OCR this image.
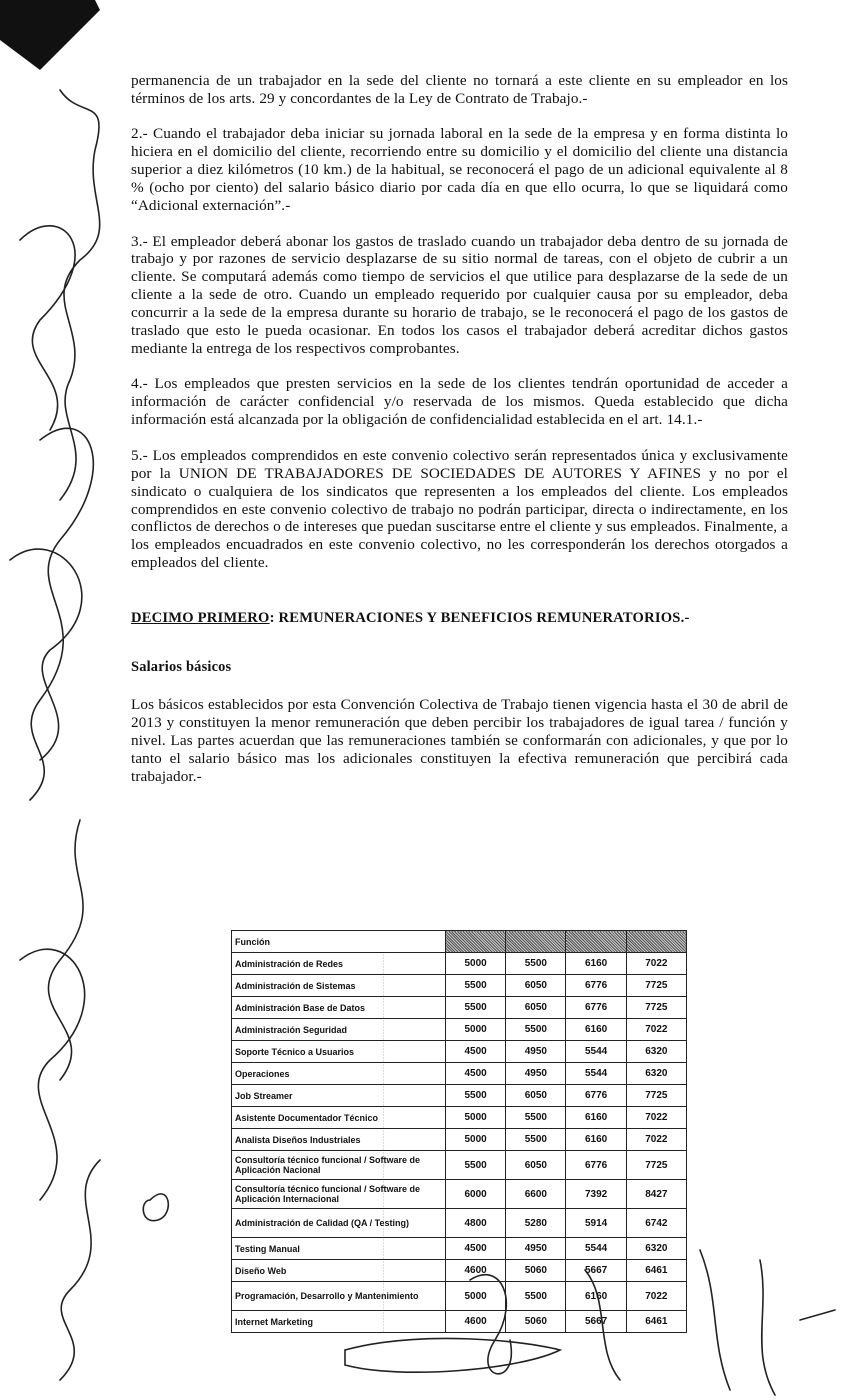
permanencia de un trabajador en la sede del cliente no tornará a este cliente en su empleador en los términos de los arts. 29 y concordantes de la Ley de Contrato de Trabajo.-

2.- Cuando el trabajador deba iniciar su jornada laboral en la sede de la empresa y en forma distinta lo hiciera en el domicilio del cliente, recorriendo entre su domicilio y el domicilio del cliente una distancia superior a diez kilómetros (10 km.) de la habitual, se reconocerá el pago de un adicional equivalente al 8 % (ocho por ciento) del salario básico diario por cada día en que ello ocurra, lo que se liquidará como “Adicional externación”.-

3.- El empleador deberá abonar los gastos de traslado cuando un trabajador deba dentro de su jornada de trabajo y por razones de servicio desplazarse de su sitio normal de tareas, con el objeto de cubrir a un cliente. Se computará además como tiempo de servicios el que utilice para desplazarse de la sede de un cliente a la sede de otro. Cuando un empleado requerido por cualquier causa por su empleador, deba concurrir a la sede de la empresa durante su horario de trabajo, se le reconocerá el pago de los gastos de traslado que esto le pueda ocasionar. En todos los casos el trabajador deberá acreditar dichos gastos mediante la entrega de los respectivos comprobantes.

4.- Los empleados que presten servicios en la sede de los clientes tendrán oportunidad de acceder a información de carácter confidencial y/o reservada de los mismos. Queda establecido que dicha información está alcanzada por la obligación de confidencialidad establecida en el art. 14.1.-

5.- Los empleados comprendidos en este convenio colectivo serán representados única y exclusivamente por la UNION DE TRABAJADORES DE SOCIEDADES DE AUTORES Y AFINES y no por el sindicato o cualquiera de los sindicatos que representen a los empleados del cliente. Los empleados comprendidos en este convenio colectivo de trabajo no podrán participar, directa o indirectamente, en los conflictos de derechos o de intereses que puedan suscitarse entre el cliente y sus empleados. Finalmente, a los empleados encuadrados en este convenio colectivo, no les corresponderán los derechos otorgados a empleados del cliente.

DECIMO PRIMERO: REMUNERACIONES Y BENEFICIOS REMUNERATORIOS.-
Salarios básicos

Los básicos establecidos por esta Convención Colectiva de Trabajo tienen vigencia hasta el 30 de abril de 2013 y constituyen la menor remuneración que deben percibir los trabajadores de igual tarea / función y nivel. Las partes acuerdan que las remuneraciones también se conformarán con adicionales, y que por lo tanto el salario básico mas los adicionales constituyen la efectiva remuneración que percibirá cada trabajador.-

Función				
Administración de Redes	5000	5500	6160	7022
Administración de Sistemas	5500	6050	6776	7725
Administración Base de Datos	5500	6050	6776	7725
Administración Seguridad	5000	5500	6160	7022
Soporte Técnico a Usuarios	4500	4950	5544	6320
Operaciones	4500	4950	5544	6320
Job Streamer	5500	6050	6776	7725
Asistente Documentador Técnico	5000	5500	6160	7022
Analista Diseños Industriales	5000	5500	6160	7022
Consultoría técnico funcional / Software de Aplicación Nacional	5500	6050	6776	7725
Consultoría técnico funcional / Software de Aplicación Internacional	6000	6600	7392	8427
Administración de Calidad (QA / Testing)	4800	5280	5914	6742
Testing Manual	4500	4950	5544	6320
Diseño Web	4600	5060	5667	6461
Programación, Desarrollo y Mantenimiento	5000	5500	6160	7022
Internet Marketing	4600	5060	5667	6461
